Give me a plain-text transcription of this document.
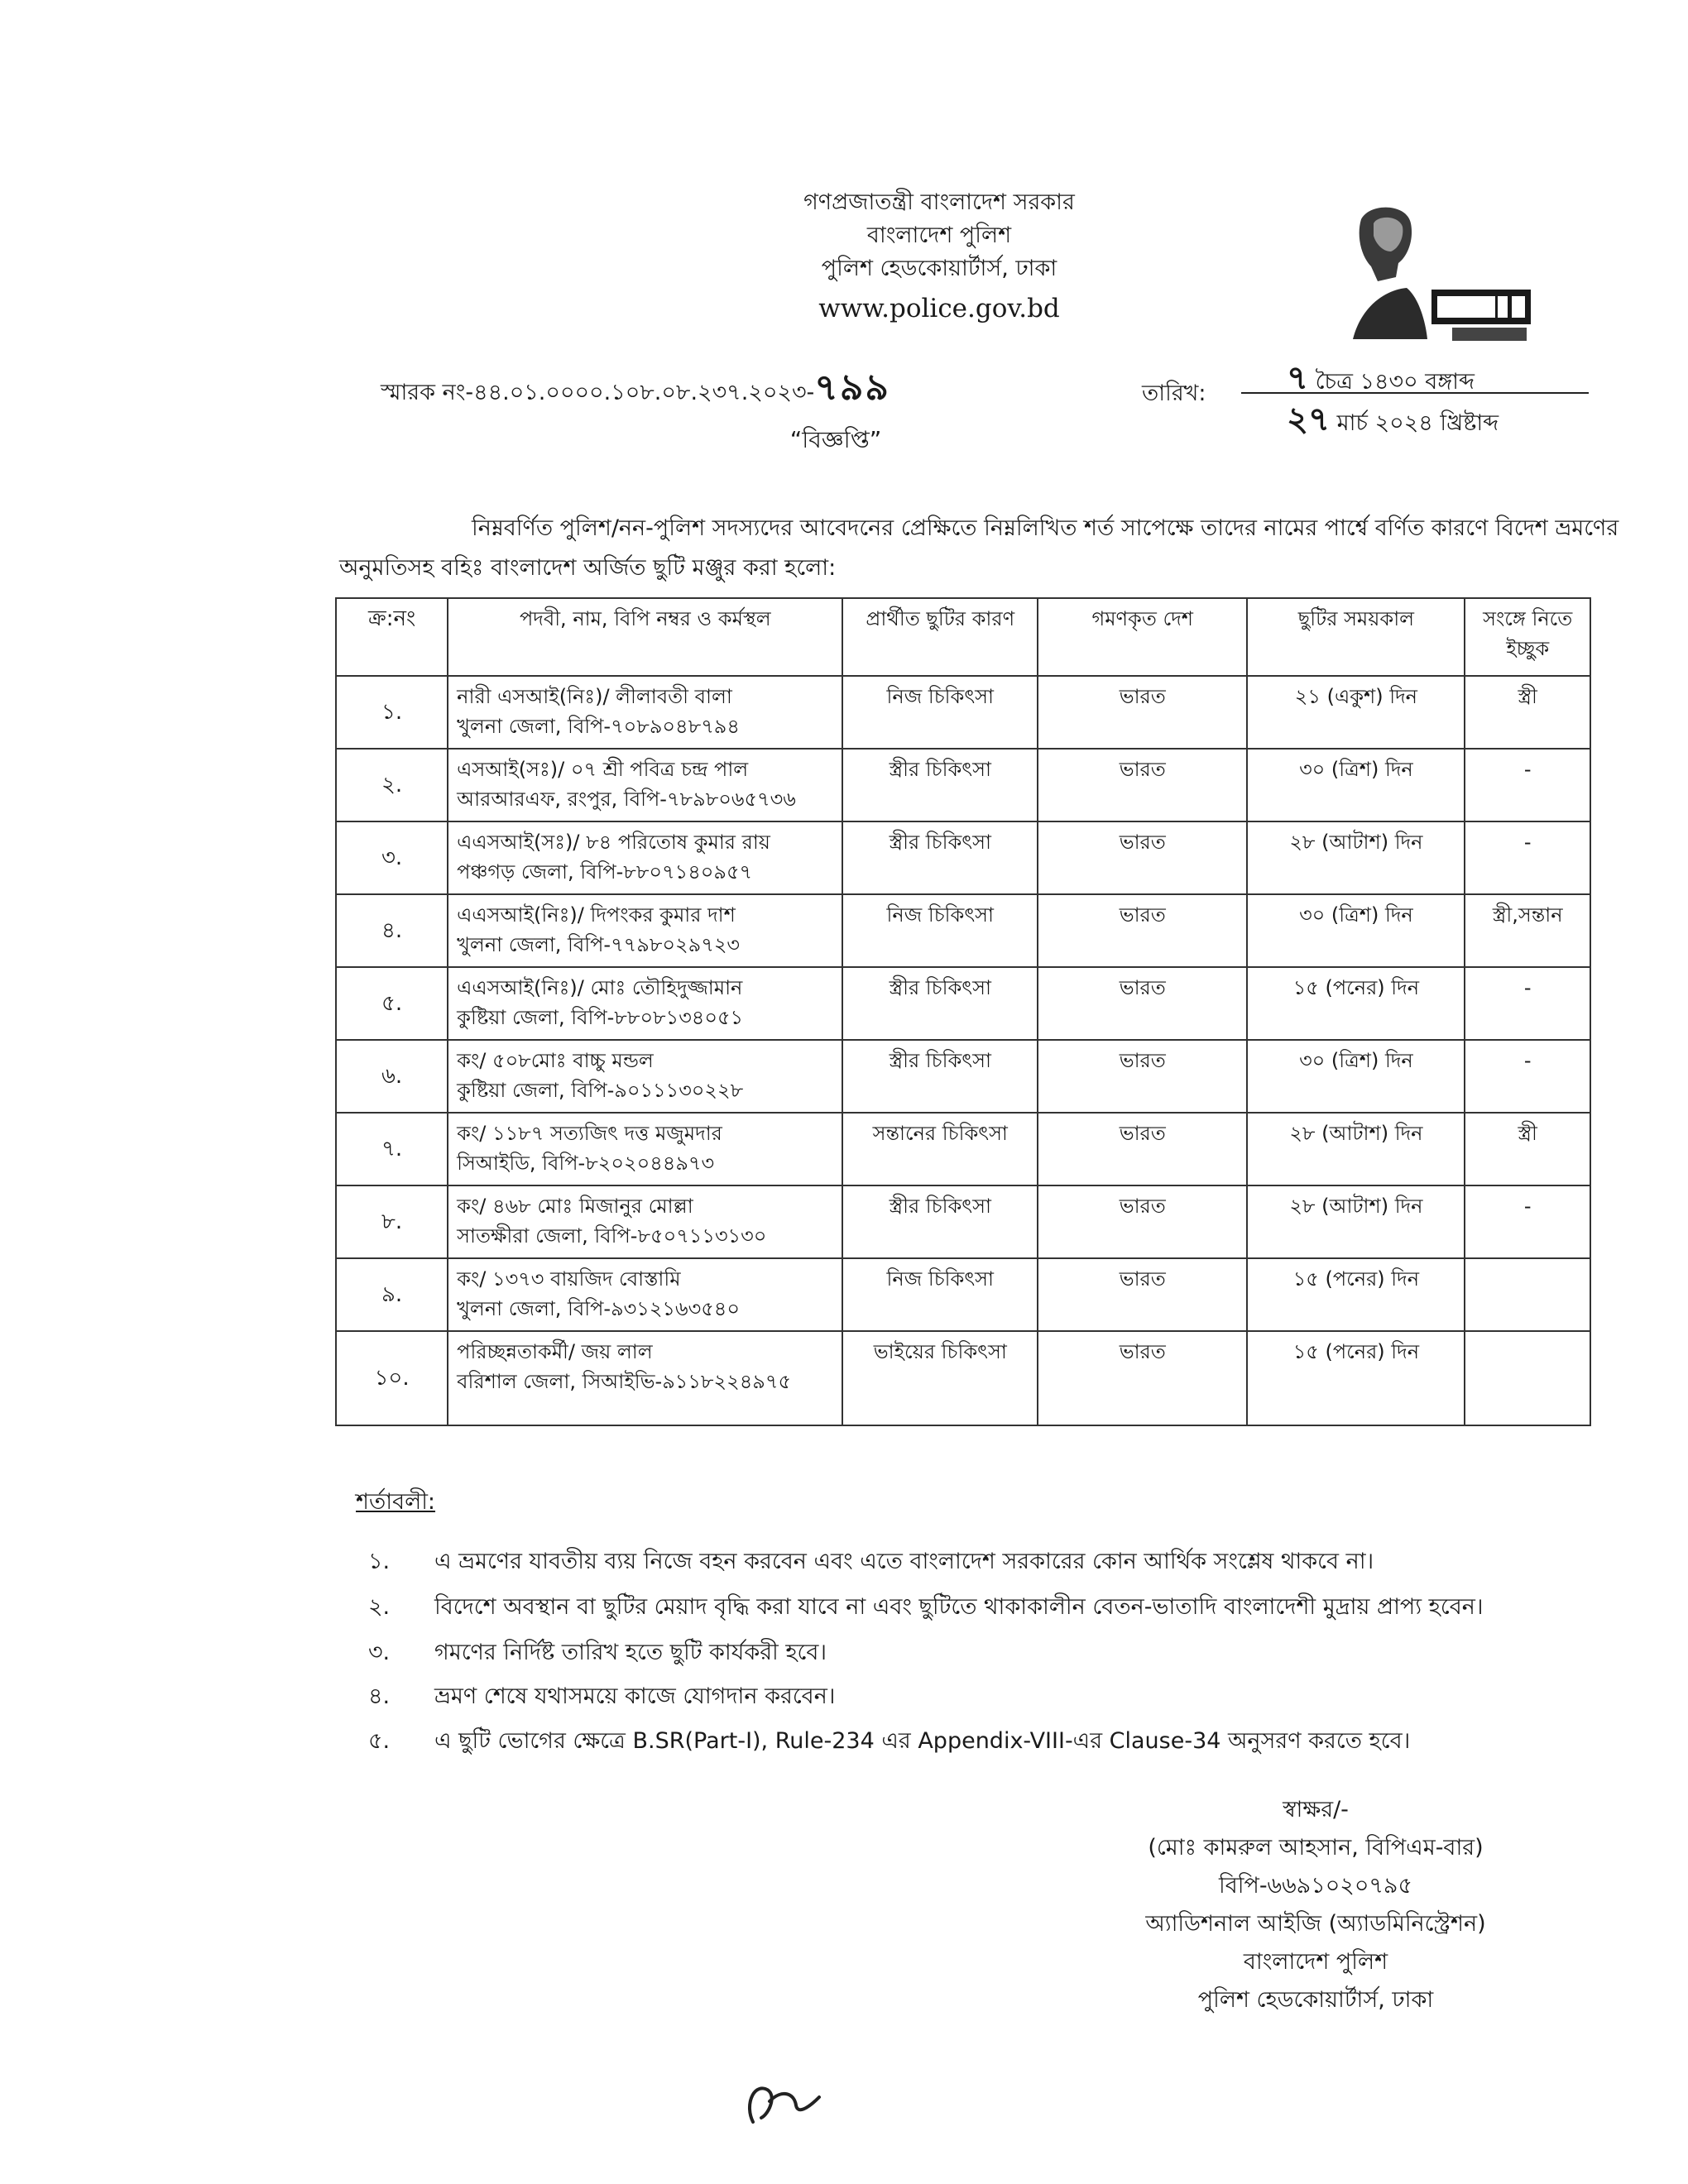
গণপ্রজাতন্ত্রী বাংলাদেশ সরকার
বাংলাদেশ পুলিশ
পুলিশ হেডকোয়ার্টার্স, ঢাকা
www.police.gov.bd
স্মারক নং-৪৪.০১.০০০০.১০৮.০৮.২৩৭.২০২৩-৭৯৯	তারিখ: ৭ চৈত্র ১৪৩০ বঙ্গাব্দ
২৭ মার্চ ২০২৪ খ্রিষ্টাব্দ
“বিজ্ঞপ্তি”
নিম্নবর্ণিত পুলিশ/নন-পুলিশ সদস্যদের আবেদনের প্রেক্ষিতে নিম্নলিখিত শর্ত সাপেক্ষে তাদের নামের পার্শ্বে বর্ণিত কারণে বিদেশ ভ্রমণের অনুমতিসহ বহিঃ বাংলাদেশ অর্জিত ছুটি মঞ্জুর করা হলো:
ক্র:নং	পদবী, নাম, বিপি নম্বর ও কর্মস্থল	প্রার্থীত ছুটির কারণ	গমণকৃত দেশ	ছুটির সময়কাল	সংঙ্গে নিতে ইচ্ছুক
১.	নারী এসআই(নিঃ)/ লীলাবতী বালা
খুলনা জেলা, বিপি-৭০৮৯০৪৮৭৯৪	নিজ চিকিৎসা	ভারত	২১ (একুশ) দিন	স্ত্রী
২.	এসআই(সঃ)/ ০৭ শ্রী পবিত্র চন্দ্র পাল
আরআরএফ, রংপুর, বিপি-৭৮৯৮০৬৫৭৩৬	স্ত্রীর চিকিৎসা	ভারত	৩০ (ত্রিশ) দিন	-
৩.	এএসআই(সঃ)/ ৮৪ পরিতোষ কুমার রায়
পঞ্চগড় জেলা, বিপি-৮৮০৭১৪০৯৫৭	স্ত্রীর চিকিৎসা	ভারত	২৮ (আটাশ) দিন	-
৪.	এএসআই(নিঃ)/ দিপংকর কুমার দাশ
খুলনা জেলা, বিপি-৭৭৯৮০২৯৭২৩	নিজ চিকিৎসা	ভারত	৩০ (ত্রিশ) দিন	স্ত্রী,সন্তান
৫.	এএসআই(নিঃ)/ মোঃ তৌহিদুজ্জামান
কুষ্টিয়া জেলা, বিপি-৮৮০৮১৩৪০৫১	স্ত্রীর চিকিৎসা	ভারত	১৫ (পনের) দিন	-
৬.	কং/ ৫০৮মোঃ বাচ্চু মন্ডল
কুষ্টিয়া জেলা, বিপি-৯০১১১৩০২২৮	স্ত্রীর চিকিৎসা	ভারত	৩০ (ত্রিশ) দিন	-
৭.	কং/ ১১৮৭ সত্যজিৎ দত্ত মজুমদার
সিআইডি, বিপি-৮২০২০৪৪৯৭৩	সন্তানের চিকিৎসা	ভারত	২৮ (আটাশ) দিন	স্ত্রী
৮.	কং/ ৪৬৮ মোঃ মিজানুর মোল্লা
সাতক্ষীরা জেলা, বিপি-৮৫০৭১১৩১৩০	স্ত্রীর চিকিৎসা	ভারত	২৮ (আটাশ) দিন	-
৯.	কং/ ১৩৭৩ বায়জিদ বোস্তামি
খুলনা জেলা, বিপি-৯৩১২১৬৩৫৪০	নিজ চিকিৎসা	ভারত	১৫ (পনের) দিন	
১০.	পরিচ্ছন্নতাকর্মী/ জয় লাল
বরিশাল জেলা, সিআইভি-৯১১৮২২৪৯৭৫	ভাইয়ের চিকিৎসা	ভারত	১৫ (পনের) দিন	
শর্তাবলী:
১. এ ভ্রমণের যাবতীয় ব্যয় নিজে বহন করবেন এবং এতে বাংলাদেশ সরকারের কোন আর্থিক সংশ্লেষ থাকবে না।
২. বিদেশে অবস্থান বা ছুটির মেয়াদ বৃদ্ধি করা যাবে না এবং ছুটিতে থাকাকালীন বেতন-ভাতাদি বাংলাদেশী মুদ্রায় প্রাপ্য হবেন।
৩. গমণের নির্দিষ্ট তারিখ হতে ছুটি কার্যকরী হবে।
৪. ভ্রমণ শেষে যথাসময়ে কাজে যোগদান করবেন।
৫. এ ছুটি ভোগের ক্ষেত্রে B.SR(Part-I), Rule-234 এর Appendix-VIII-এর Clause-34 অনুসরণ করতে হবে।
স্বাক্ষর/-
(মোঃ কামরুল আহসান, বিপিএম-বার)
বিপি-৬৬৯১০২০৭৯৫
অ্যাডিশনাল আইজি (অ্যাডমিনিস্ট্রেশন)
বাংলাদেশ পুলিশ
পুলিশ হেডকোয়ার্টার্স, ঢাকা
